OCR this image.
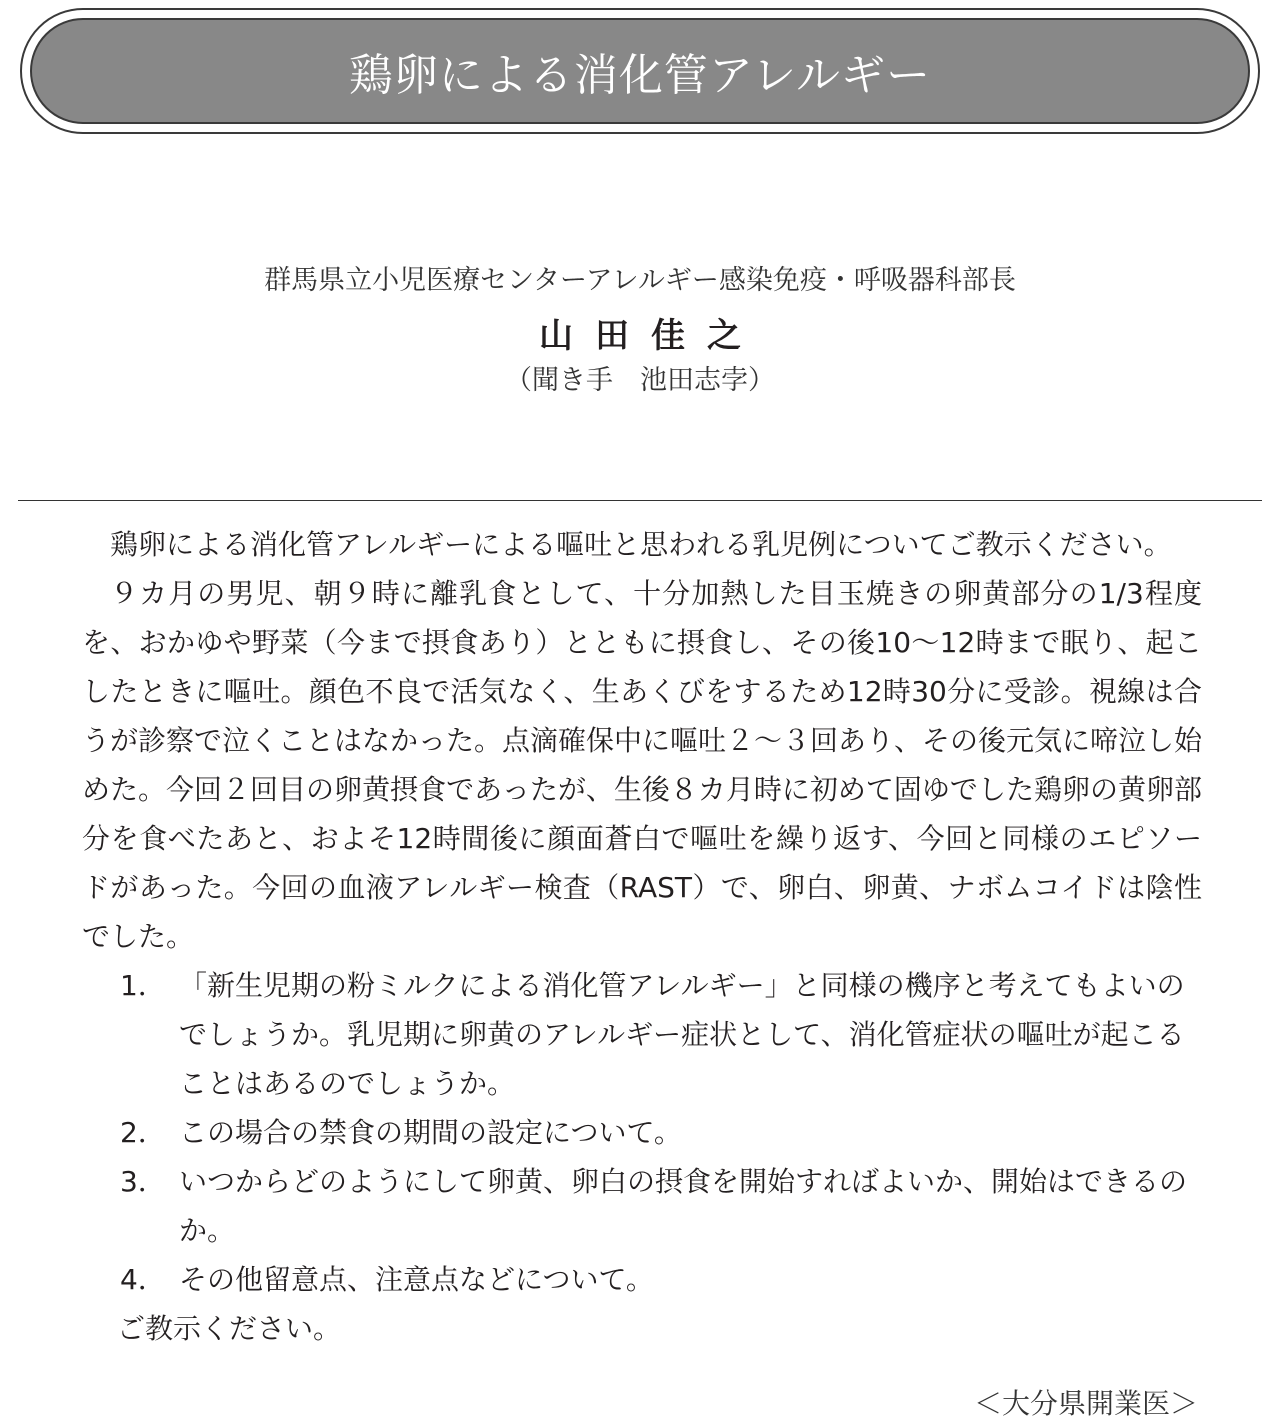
鶏卵による消化管アレルギー
群馬県立小児医療センターアレルギー感染免疫・呼吸器科部長
山田佳之
（聞き手　池田志孛）

鶏卵による消化管アレルギーによる嘔吐と思われる乳児例についてご教示ください。

９カ月の男児、朝９時に離乳食として、十分加熱した目玉焼きの卵黄部分の1/3程度を、おかゆや野菜（今まで摂食あり）とともに摂食し、その後10〜12時まで眠り、起こしたときに嘔吐。顔色不良で活気なく、生あくびをするため12時30分に受診。視線は合うが診察で泣くことはなかった。点滴確保中に嘔吐２〜３回あり、その後元気に啼泣し始めた。今回２回目の卵黄摂食であったが、生後８カ月時に初めて固ゆでした鶏卵の黄卵部分を食べたあと、およそ12時間後に顔面蒼白で嘔吐を繰り返す、今回と同様のエピソードがあった。今回の血液アレルギー検査（RAST）で、卵白、卵黄、ナボムコイドは陰性でした。

1． 「新生児期の粉ミルクによる消化管アレルギー」と同様の機序と考えてもよいのでしょうか。乳児期に卵黄のアレルギー症状として、消化管症状の嘔吐が起こることはあるのでしょうか。
2． この場合の禁食の期間の設定について。
3． いつからどのようにして卵黄、卵白の摂食を開始すればよいか、開始はできるのか。
4． その他留意点、注意点などについて。

ご教示ください。

＜大分県開業医＞
